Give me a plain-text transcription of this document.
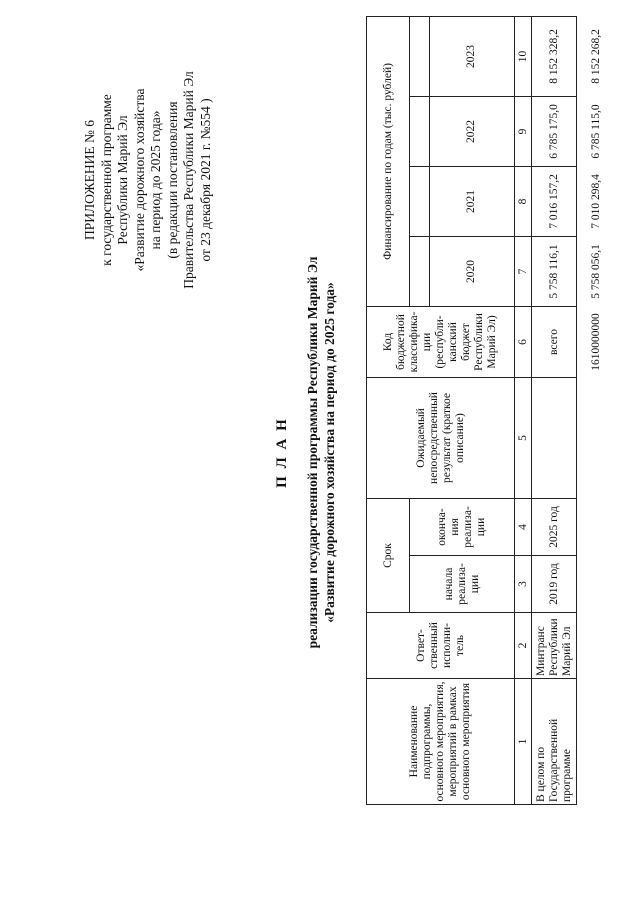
ПРИЛОЖЕНИЕ № 6 к государственной программе Республики Марий Эл «Развитие дорожного хозяйства на период до 2025 года» (в редакции постановления Правительства Республики Марий Эл от 23 декабря 2021 г. №554 )
П Л А Н реализации государственной программы Республики Марий Эл «Развитие дорожного хозяйства на период до 2025 года»
Наименование подпрограммы, основного мероприятия, мероприятий в рамках основного мероприятия	Ответ-ственный исполни-тель	Срок		Ожидаемый непосредственный результат (краткое описание)	Код бюджетной классифика-ции (республи-канский бюджет Республики Марий Эл)	Финансирование по годам (тыс. рублей)			
		начала реализа-ции	оконча-ния реализа-ции						
						2020	2021	2022	2023
1	2	3	4	5	6	7	8	9	10
В целом по Государственной программе	Минтранс Республики Марий Эл	2019 год	2025 год		всего	5 758 116,1	7 016 157,2	6 785 175,0	8 152 328,2
					1610000000	5 758 056,1	7 010 298,4	6 785 115,0	8 152 268,2
